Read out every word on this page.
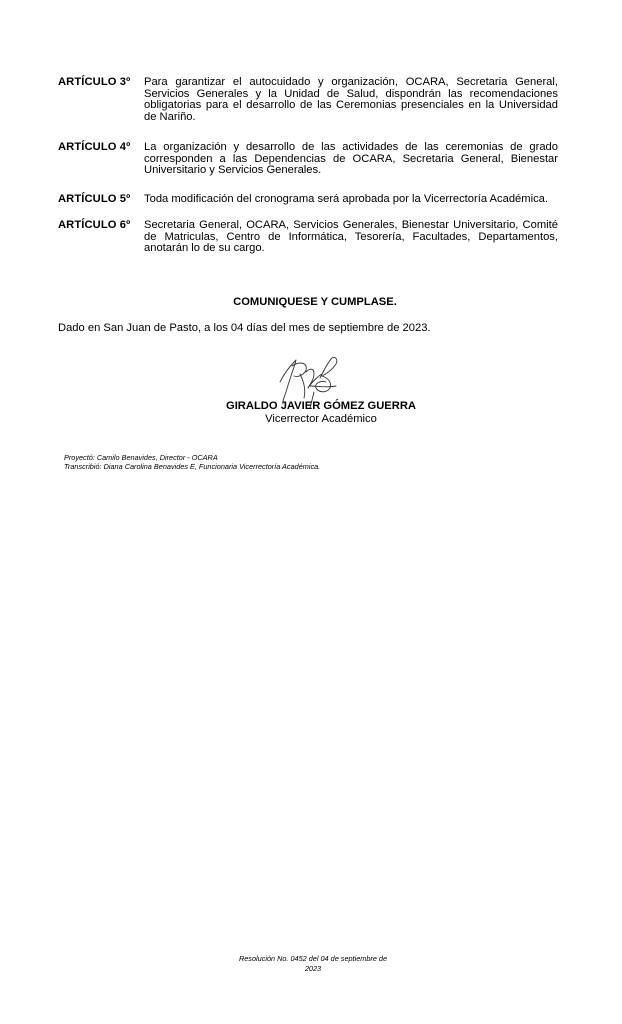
ARTÍCULO 3º	Para garantizar el autocuidado y organización, OCARA, Secretaria General, Servicios Generales y la Unidad de Salud, dispondrán las recomendaciones obligatorias para el desarrollo de las Ceremonias presenciales en la Universidad de Nariño.
ARTÍCULO 4º	La organización y desarrollo de las actividades de las ceremonias de grado corresponden a las Dependencias de OCARA, Secretaria General, Bienestar Universitario y Servicios Generales.
ARTÍCULO 5º	Toda modificación del cronograma será aprobada por la Vicerrectoría Académica.
ARTÍCULO 6º	Secretaria General, OCARA, Servicios Generales, Bienestar Universitario, Comité de Matriculas, Centro de Informática, Tesorería, Facultades, Departamentos, anotarán lo de su cargo.
COMUNIQUESE Y CUMPLASE.
Dado en San Juan de Pasto, a los 04 días del mes de septiembre de 2023.
GIRALDO JAVIER GÓMEZ GUERRA
Vicerrector Académico
Proyectó: Camilo Benavides, Director - OCARA
Transcribió: Diana Carolina Benavides E, Funcionaria Vicerrectoría Académica.
Resolución No. 0452 del 04 de septiembre de
2023
